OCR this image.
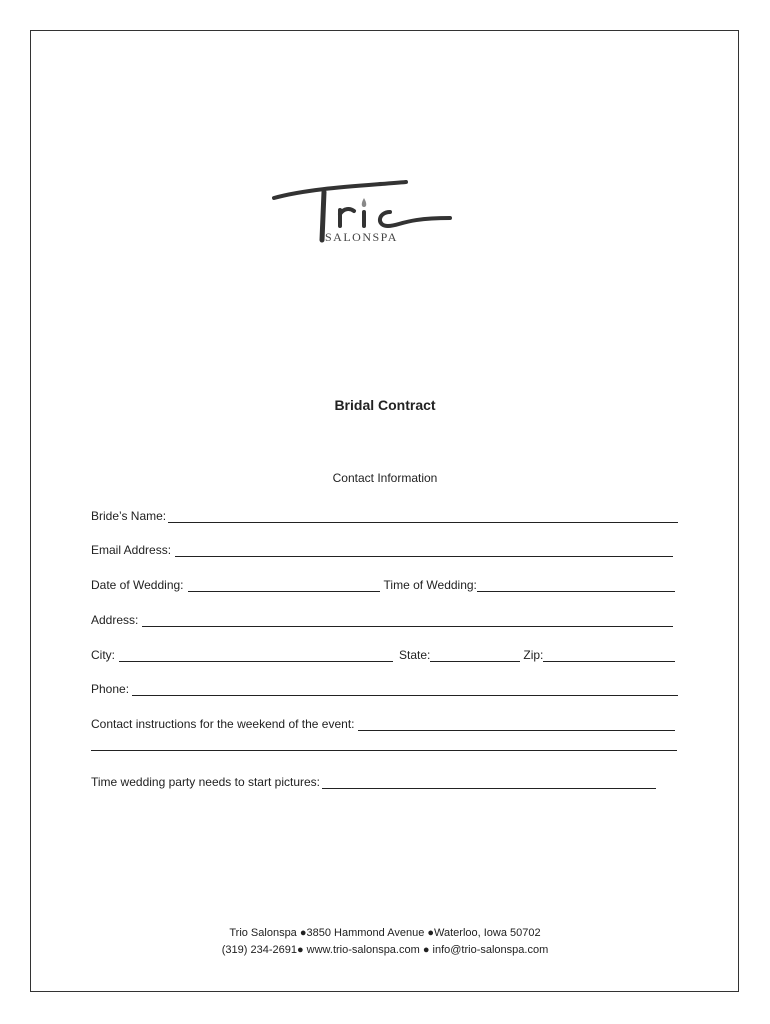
SALONSPA
Bridal Contract
Contact Information
Bride’s Name:
Email Address:
Date of Wedding:	Time of Wedding:
Address:
City:	State:	Zip:
Phone:
Contact instructions for the weekend of the event:
Time wedding party needs to start pictures:
Trio Salonspa ●3850 Hammond Avenue ●Waterloo, Iowa 50702
(319) 234-2691● www.trio-salonspa.com ● info@trio-salonspa.com
